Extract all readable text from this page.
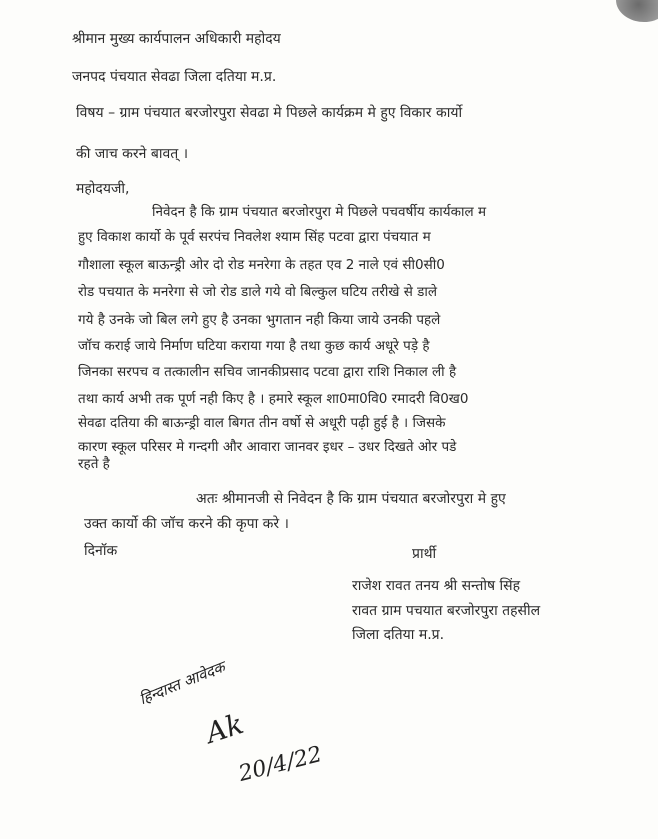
श्रीमान मुख्य कार्यपालन अधिकारी महोदय
जनपद पंचयात सेवढा जिला दतिया म.प्र.
विषय – ग्राम पंचयात बरजोरपुरा सेवढा मे पिछले कार्यक्रम मे हुए विकार कार्यो
की जाच करने बावत् ।
महोदयजी,
निवेदन है कि ग्राम पंचयात बरजोरपुरा मे पिछले पचवर्षीय कार्यकाल म
हुए विकाश कार्यो के पूर्व सरपंच निवलेश श्याम सिंह पटवा द्वारा पंचयात म
गौशाला स्कूल बाऊन्ड्री ओर दो रोड मनरेगा के तहत एव 2 नाले एवं सी0सी0
रोड पचयात के मनरेगा से जो रोड डाले गये वो बिल्कुल घटिय तरीखे से डाले
गये है उनके जो बिल लगे हुए है उनका भुगतान नही किया जाये उनकी पहले
जॉच कराई जाये निर्माण घटिया कराया गया है तथा कुछ कार्य अधूरे पड़े है
जिनका सरपच व तत्कालीन सचिव जानकीप्रसाद पटवा द्वारा राशि निकाल ली है
तथा कार्य अभी तक पूर्ण नही किए है । हमारे स्कूल शा0मा0वि0 रमादरी वि0ख0
सेवढा दतिया की बाऊन्ड्री वाल बिगत तीन वर्षो से अधूरी पढ़ी हुई है । जिसके
कारण स्कूल परिसर मे गन्दगी और आवारा जानवर इधर – उधर दिखते ओर पडे
रहते है
अतः श्रीमानजी से निवेदन है कि ग्राम पंचयात बरजोरपुरा मे हुए
उक्त कार्यो की जॉच करने की कृपा करे ।
दिनॉक	प्रार्थी
राजेश रावत तनय श्री सन्तोष सिंह
रावत ग्राम पचयात बरजोरपुरा तहसील
जिला दतिया म.प्र.
हिन्दास्त आवेदक
Ak
20/4/22
